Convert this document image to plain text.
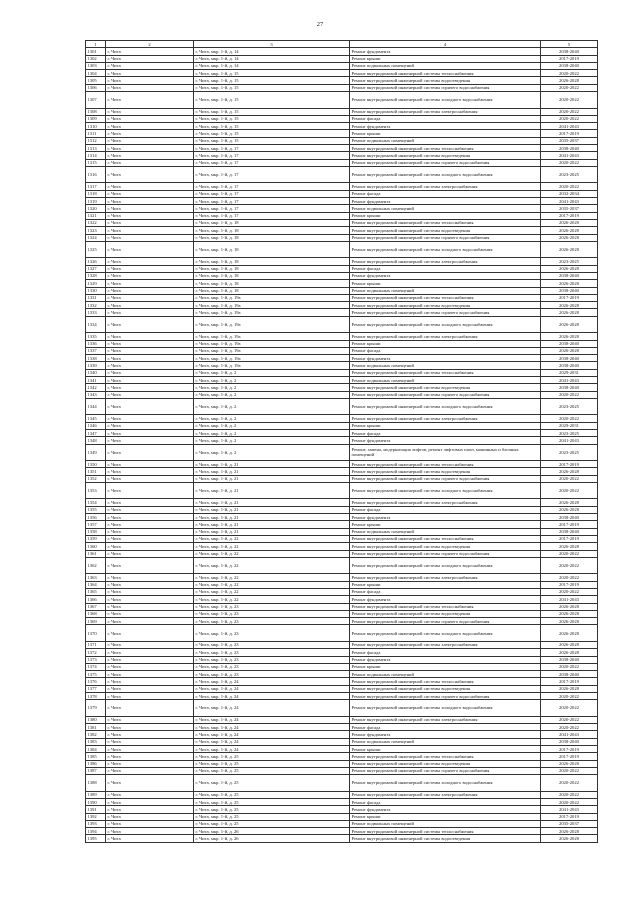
27
1	2	3	4	5
1301	г. Чита	г. Чита, мкр. 1-й, д. 14	Ремонт фундамента	2038-2040
1302	г. Чита	г. Чита, мкр. 1-й, д. 14	Ремонт крыши	2017-2019
1303	г. Чита	г. Чита, мкр. 1-й, д. 14	Ремонт подвальных помещений	2038-2040
1304	г. Чита	г. Чита, мкр. 1-й, д. 15	Ремонт внутридомовой инженерной системы теплоснабжения	2020-2022
1305	г. Чита	г. Чита, мкр. 1-й, д. 15	Ремонт внутридомовой инженерной системы водоотведения	2026-2028
1306	г. Чита	г. Чита, мкр. 1-й, д. 15	Ремонт внутридомовой инженерной системы горячего водоснабжения	2020-2022
1307	г. Чита	г. Чита, мкр. 1-й, д. 15	Ремонт внутридомовой инженерной системы холодного водоснабжения	2020-2022
1308	г. Чита	г. Чита, мкр. 1-й, д. 15	Ремонт внутридомовой инженерной системы электроснабжения	2020-2022
1309	г. Чита	г. Чита, мкр. 1-й, д. 15	Ремонт фасада	2020-2022
1310	г. Чита	г. Чита, мкр. 1-й, д. 15	Ремонт фундамента	2041-2043
1311	г. Чита	г. Чита, мкр. 1-й, д. 15	Ремонт крыши	2017-2019
1312	г. Чита	г. Чита, мкр. 1-й, д. 15	Ремонт подвальных помещений	2035-2037
1313	г. Чита	г. Чита, мкр. 1-й, д. 17	Ремонт внутридомовой инженерной системы теплоснабжения	2038-2040
1314	г. Чита	г. Чита, мкр. 1-й, д. 17	Ремонт внутридомовой инженерной системы водоотведения	2041-2043
1315	г. Чита	г. Чита, мкр. 1-й, д. 17	Ремонт внутридомовой инженерной системы горячего водоснабжения	2020-2022
1316	г. Чита	г. Чита, мкр. 1-й, д. 17	Ремонт внутридомовой инженерной системы холодного водоснабжения	2023-2025
1317	г. Чита	г. Чита, мкр. 1-й, д. 17	Ремонт внутридомовой инженерной системы электроснабжения	2020-2022
1318	г. Чита	г. Чита, мкр. 1-й, д. 17	Ремонт фасада	2032-2034
1319	г. Чита	г. Чита, мкр. 1-й, д. 17	Ремонт фундамента	2041-2043
1320	г. Чита	г. Чита, мкр. 1-й, д. 17	Ремонт подвальных помещений	2035-2037
1321	г. Чита	г. Чита, мкр. 1-й, д. 17	Ремонт крыши	2017-2019
1322	г. Чита	г. Чита, мкр. 1-й, д. 18	Ремонт внутридомовой инженерной системы теплоснабжения	2026-2028
1323	г. Чита	г. Чита, мкр. 1-й, д. 18	Ремонт внутридомовой инженерной системы водоотведения	2026-2028
1324	г. Чита	г. Чита, мкр. 1-й, д. 18	Ремонт внутридомовой инженерной системы горячего водоснабжения	2026-2028
1325	г. Чита	г. Чита, мкр. 1-й, д. 18	Ремонт внутридомовой инженерной системы холодного водоснабжения	2026-2028
1326	г. Чита	г. Чита, мкр. 1-й, д. 18	Ремонт внутридомовой инженерной системы электроснабжения	2023-2025
1327	г. Чита	г. Чита, мкр. 1-й, д. 18	Ремонт фасада	2026-2028
1328	г. Чита	г. Чита, мкр. 1-й, д. 18	Ремонт фундамента	2038-2040
1329	г. Чита	г. Чита, мкр. 1-й, д. 18	Ремонт крыши	2026-2028
1330	г. Чита	г. Чита, мкр. 1-й, д. 18	Ремонт подвальных помещений	2038-2040
1331	г. Чита	г. Чита, мкр. 1-й, д. 19а	Ремонт внутридомовой инженерной системы теплоснабжения	2017-2019
1332	г. Чита	г. Чита, мкр. 1-й, д. 19а	Ремонт внутридомовой инженерной системы водоотведения	2026-2028
1333	г. Чита	г. Чита, мкр. 1-й, д. 19а	Ремонт внутридомовой инженерной системы горячего водоснабжения	2026-2028
1334	г. Чита	г. Чита, мкр. 1-й, д. 19а	Ремонт внутридомовой инженерной системы холодного водоснабжения	2026-2028
1335	г. Чита	г. Чита, мкр. 1-й, д. 19а	Ремонт внутридомовой инженерной системы электроснабжения	2026-2028
1336	г. Чита	г. Чита, мкр. 1-й, д. 19а	Ремонт крыши	2038-2040
1337	г. Чита	г. Чита, мкр. 1-й, д. 19а	Ремонт фасада	2026-2028
1338	г. Чита	г. Чита, мкр. 1-й, д. 19а	Ремонт фундамента	2038-2040
1339	г. Чита	г. Чита, мкр. 1-й, д. 19а	Ремонт подвальных помещений	2038-2040
1340	г. Чита	г. Чита, мкр. 1-й, д. 2	Ремонт внутридомовой инженерной системы теплоснабжения	2029-2031
1341	г. Чита	г. Чита, мкр. 1-й, д. 2	Ремонт подвальных помещений	2041-2043
1342	г. Чита	г. Чита, мкр. 1-й, д. 2	Ремонт внутридомовой инженерной системы водоотведения	2038-2040
1343	г. Чита	г. Чита, мкр. 1-й, д. 2	Ремонт внутридомовой инженерной системы горячего водоснабжения	2020-2022
1344	г. Чита	г. Чита, мкр. 1-й, д. 2	Ремонт внутридомовой инженерной системы холодного водоснабжения	2023-2025
1345	г. Чита	г. Чита, мкр. 1-й, д. 2	Ремонт внутридомовой инженерной системы электроснабжения	2020-2022
1346	г. Чита	г. Чита, мкр. 1-й, д. 2	Ремонт крыши	2029-2031
1347	г. Чита	г. Чита, мкр. 1-й, д. 2	Ремонт фасада	2023-2025
1348	г. Чита	г. Чита, мкр. 1-й, д. 2	Ремонт фундамента	2041-2043
1349	г. Чита	г. Чита, мкр. 1-й, д. 2	Ремонт, замена, модернизация лифтов, ремонт лифтовых шахт, машинных и блочных помещений	2023-2025
1350	г. Чита	г. Чита, мкр. 1-й, д. 21	Ремонт внутридомовой инженерной системы теплоснабжения	2017-2019
1351	г. Чита	г. Чита, мкр. 1-й, д. 21	Ремонт внутридомовой инженерной системы водоотведения	2026-2028
1352	г. Чита	г. Чита, мкр. 1-й, д. 21	Ремонт внутридомовой инженерной системы горячего водоснабжения	2020-2022
1353	г. Чита	г. Чита, мкр. 1-й, д. 21	Ремонт внутридомовой инженерной системы холодного водоснабжения	2020-2022
1354	г. Чита	г. Чита, мкр. 1-й, д. 21	Ремонт внутридомовой инженерной системы электроснабжения	2026-2028
1355	г. Чита	г. Чита, мкр. 1-й, д. 21	Ремонт фасада	2026-2028
1356	г. Чита	г. Чита, мкр. 1-й, д. 21	Ремонт фундамента	2038-2040
1357	г. Чита	г. Чита, мкр. 1-й, д. 21	Ремонт крыши	2017-2019
1358	г. Чита	г. Чита, мкр. 1-й, д. 21	Ремонт подвальных помещений	2038-2040
1359	г. Чита	г. Чита, мкр. 1-й, д. 22	Ремонт внутридомовой инженерной системы теплоснабжения	2017-2019
1360	г. Чита	г. Чита, мкр. 1-й, д. 22	Ремонт внутридомовой инженерной системы водоотведения	2026-2028
1361	г. Чита	г. Чита, мкр. 1-й, д. 22	Ремонт внутридомовой инженерной системы горячего водоснабжения	2020-2022
1362	г. Чита	г. Чита, мкр. 1-й, д. 22	Ремонт внутридомовой инженерной системы холодного водоснабжения	2020-2022
1363	г. Чита	г. Чита, мкр. 1-й, д. 22	Ремонт внутридомовой инженерной системы электроснабжения	2020-2022
1364	г. Чита	г. Чита, мкр. 1-й, д. 22	Ремонт крыши	2017-2019
1365	г. Чита	г. Чита, мкр. 1-й, д. 22	Ремонт фасада	2020-2022
1366	г. Чита	г. Чита, мкр. 1-й, д. 22	Ремонт фундамента	2041-2043
1367	г. Чита	г. Чита, мкр. 1-й, д. 23	Ремонт внутридомовой инженерной системы теплоснабжения	2026-2028
1368	г. Чита	г. Чита, мкр. 1-й, д. 23	Ремонт внутридомовой инженерной системы водоотведения	2026-2028
1369	г. Чита	г. Чита, мкр. 1-й, д. 23	Ремонт внутридомовой инженерной системы горячего водоснабжения	2026-2028
1370	г. Чита	г. Чита, мкр. 1-й, д. 23	Ремонт внутридомовой инженерной системы холодного водоснабжения	2026-2028
1371	г. Чита	г. Чита, мкр. 1-й, д. 23	Ремонт внутридомовой инженерной системы электроснабжения	2026-2028
1372	г. Чита	г. Чита, мкр. 1-й, д. 23	Ремонт фасада	2026-2028
1373	г. Чита	г. Чита, мкр. 1-й, д. 23	Ремонт фундамента	2038-2040
1374	г. Чита	г. Чита, мкр. 1-й, д. 23	Ремонт крыши	2020-2022
1375	г. Чита	г. Чита, мкр. 1-й, д. 23	Ремонт подвальных помещений	2038-2040
1376	г. Чита	г. Чита, мкр. 1-й, д. 24	Ремонт внутридомовой инженерной системы теплоснабжения	2017-2019
1377	г. Чита	г. Чита, мкр. 1-й, д. 24	Ремонт внутридомовой инженерной системы водоотведения	2026-2028
1378	г. Чита	г. Чита, мкр. 1-й, д. 24	Ремонт внутридомовой инженерной системы горячего водоснабжения	2020-2022
1379	г. Чита	г. Чита, мкр. 1-й, д. 24	Ремонт внутридомовой инженерной системы холодного водоснабжения	2020-2022
1380	г. Чита	г. Чита, мкр. 1-й, д. 24	Ремонт внутридомовой инженерной системы электроснабжения	2020-2022
1381	г. Чита	г. Чита, мкр. 1-й, д. 24	Ремонт фасада	2020-2022
1382	г. Чита	г. Чита, мкр. 1-й, д. 24	Ремонт фундамента	2041-2043
1383	г. Чита	г. Чита, мкр. 1-й, д. 24	Ремонт подвальных помещений	2038-2040
1384	г. Чита	г. Чита, мкр. 1-й, д. 24	Ремонт крыши	2017-2019
1385	г. Чита	г. Чита, мкр. 1-й, д. 25	Ремонт внутридомовой инженерной системы теплоснабжения	2017-2019
1386	г. Чита	г. Чита, мкр. 1-й, д. 25	Ремонт внутридомовой инженерной системы водоотведения	2026-2028
1387	г. Чита	г. Чита, мкр. 1-й, д. 25	Ремонт внутридомовой инженерной системы горячего водоснабжения	2020-2022
1388	г. Чита	г. Чита, мкр. 1-й, д. 25	Ремонт внутридомовой инженерной системы холодного водоснабжения	2020-2022
1389	г. Чита	г. Чита, мкр. 1-й, д. 25	Ремонт внутридомовой инженерной системы электроснабжения	2020-2022
1390	г. Чита	г. Чита, мкр. 1-й, д. 25	Ремонт фасада	2020-2022
1391	г. Чита	г. Чита, мкр. 1-й, д. 25	Ремонт фундамента	2041-2043
1392	г. Чита	г. Чита, мкр. 1-й, д. 25	Ремонт крыши	2017-2019
1393	г. Чита	г. Чита, мкр. 1-й, д. 25	Ремонт подвальных помещений	2035-2037
1394	г. Чита	г. Чита, мкр. 1-й, д. 26	Ремонт внутридомовой инженерной системы теплоснабжения	2026-2028
1395	г. Чита	г. Чита, мкр. 1-й, д. 26	Ремонт внутридомовой инженерной системы водоотведения	2026-2028
